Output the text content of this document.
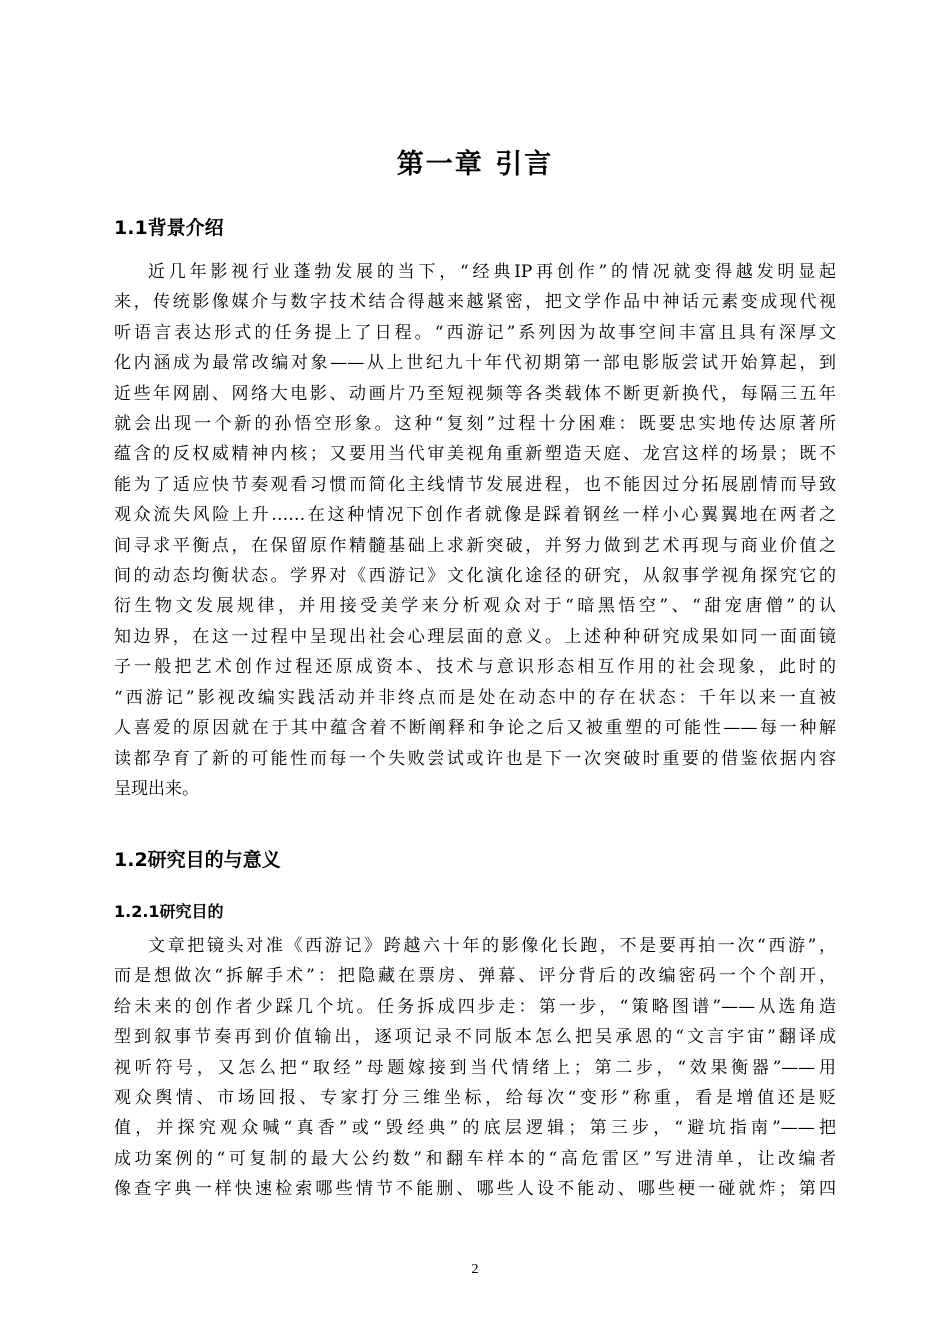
第一章 引言
1.1背景介绍
近几年影视行业蓬勃发展的当下，“经典IP再创作”的情况就变得越发明显起
来，传统影像媒介与数字技术结合得越来越紧密，把文学作品中神话元素变成现代视
听语言表达形式的任务提上了日程。“西游记”系列因为故事空间丰富且具有深厚文
化内涵成为最常改编对象——从上世纪九十年代初期第一部电影版尝试开始算起，到
近些年网剧、网络大电影、动画片乃至短视频等各类载体不断更新换代，每隔三五年
就会出现一个新的孙悟空形象。这种“复刻”过程十分困难：既要忠实地传达原著所
蕴含的反权威精神内核；又要用当代审美视角重新塑造天庭、龙宫这样的场景；既不
能为了适应快节奏观看习惯而简化主线情节发展进程，也不能因过分拓展剧情而导致
观众流失风险上升……在这种情况下创作者就像是踩着钢丝一样小心翼翼地在两者之
间寻求平衡点，在保留原作精髓基础上求新突破，并努力做到艺术再现与商业价值之
间的动态均衡状态。学界对《西游记》文化演化途径的研究，从叙事学视角探究它的
衍生物文发展规律，并用接受美学来分析观众对于“暗黑悟空”、“甜宠唐僧”的认
知边界，在这一过程中呈现出社会心理层面的意义。上述种种研究成果如同一面面镜
子一般把艺术创作过程还原成资本、技术与意识形态相互作用的社会现象，此时的
“西游记”影视改编实践活动并非终点而是处在动态中的存在状态：千年以来一直被
人喜爱的原因就在于其中蕴含着不断阐释和争论之后又被重塑的可能性——每一种解
读都孕育了新的可能性而每一个失败尝试或许也是下一次突破时重要的借鉴依据内容
呈现出来。
1.2研究目的与意义
1.2.1研究目的
文章把镜头对准《西游记》跨越六十年的影像化长跑，不是要再拍一次“西游”，
而是想做次“拆解手术”：把隐藏在票房、弹幕、评分背后的改编密码一个个剖开，
给未来的创作者少踩几个坑。任务拆成四步走：第一步，“策略图谱”——从选角造
型到叙事节奏再到价值输出，逐项记录不同版本怎么把吴承恩的“文言宇宙”翻译成
视听符号，又怎么把“取经”母题嫁接到当代情绪上；第二步，“效果衡器”——用
观众舆情、市场回报、专家打分三维坐标，给每次“变形”称重，看是增值还是贬
值，并探究观众喊“真香”或“毁经典”的底层逻辑；第三步，“避坑指南”——把
成功案例的“可复制的最大公约数”和翻车样本的“高危雷区”写进清单，让改编者
像查字典一样快速检索哪些情节不能删、哪些人设不能动、哪些梗一碰就炸；第四
2
